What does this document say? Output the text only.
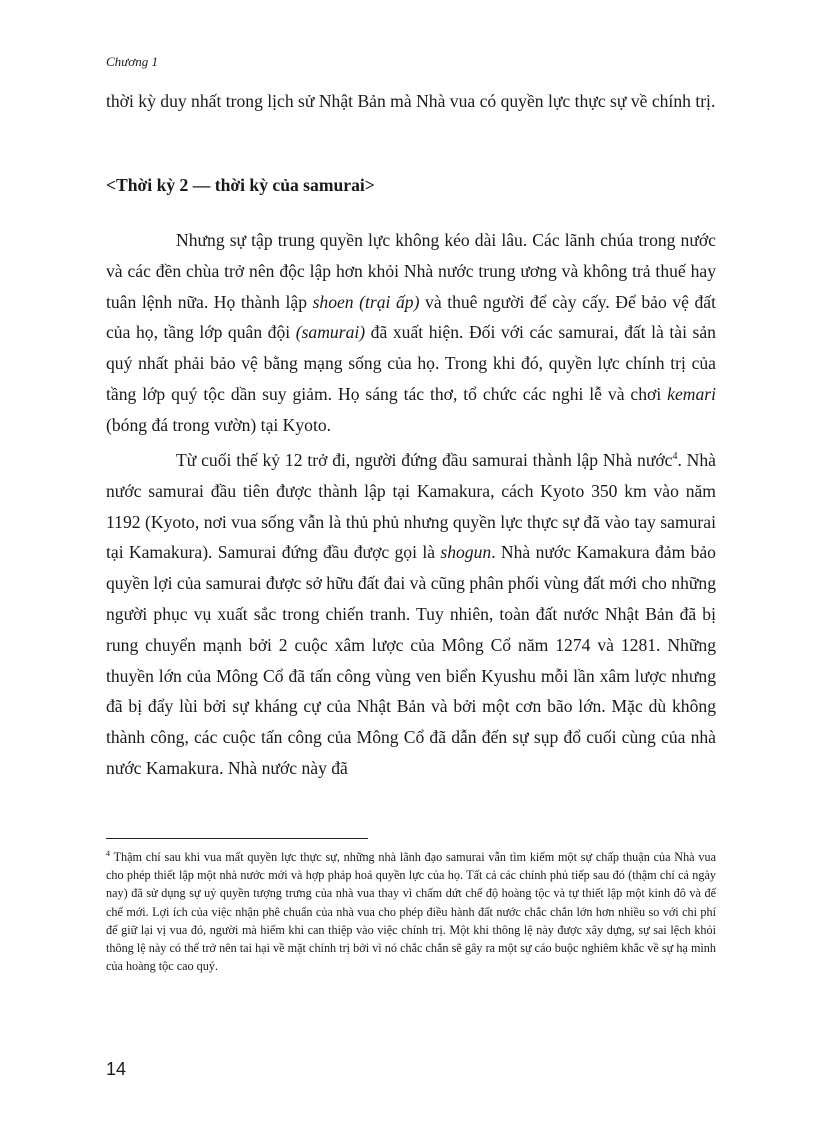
Chương 1

thời kỳ duy nhất trong lịch sử Nhật Bản mà Nhà vua có quyền lực thực sự về chính trị.

<Thời kỳ 2 — thời kỳ của samurai>

Nhưng sự tập trung quyền lực không kéo dài lâu. Các lãnh chúa trong nước và các đền chùa trở nên độc lập hơn khỏi Nhà nước trung ương và không trả thuế hay tuân lệnh nữa. Họ thành lập shoen (trại ấp) và thuê người để cày cấy. Để bảo vệ đất của họ, tầng lớp quân đội (samurai) đã xuất hiện. Đối với các samurai, đất là tài sản quý nhất phải bảo vệ bằng mạng sống của họ. Trong khi đó, quyền lực chính trị của tầng lớp quý tộc dần suy giảm. Họ sáng tác thơ, tổ chức các nghi lễ và chơi kemari (bóng đá trong vườn) tại Kyoto.

Từ cuối thế kỷ 12 trở đi, người đứng đầu samurai thành lập Nhà nước$^4$. Nhà nước samurai đầu tiên được thành lập tại Kamakura, cách Kyoto 350 km vào năm 1192 (Kyoto, nơi vua sống vẫn là thủ phủ nhưng quyền lực thực sự đã vào tay samurai tại Kamakura). Samurai đứng đầu được gọi là shogun. Nhà nước Kamakura đảm bảo quyền lợi của samurai được sở hữu đất đai và cũng phân phối vùng đất mới cho những người phục vụ xuất sắc trong chiến tranh. Tuy nhiên, toàn đất nước Nhật Bản đã bị rung chuyển mạnh bởi 2 cuộc xâm lược của Mông Cổ năm 1274 và 1281. Những thuyền lớn của Mông Cổ đã tấn công vùng ven biển Kyushu mỗi lần xâm lược nhưng đã bị đẩy lùi bởi sự kháng cự của Nhật Bản và bởi một cơn bão lớn. Mặc dù không thành công, các cuộc tấn công của Mông Cổ đã dẫn đến sự sụp đổ cuối cùng của nhà nước Kamakura. Nhà nước này đã

$^4$ Thậm chí sau khi vua mất quyền lực thực sự, những nhà lãnh đạo samurai vẫn tìm kiếm một sự chấp thuận của Nhà vua cho phép thiết lập một nhà nước mới và hợp pháp hoá quyền lực của họ. Tất cả các chính phủ tiếp sau đó (thậm chí cả ngày nay) đã sử dụng sự uỷ quyền tượng trưng của nhà vua thay vì chấm dứt chế độ hoàng tộc và tự thiết lập một kinh đô và đế chế mới. Lợi ích của việc nhận phê chuẩn của nhà vua cho phép điều hành đất nước chắc chắn lớn hơn nhiều so với chi phí để giữ lại vị vua đó, người mà hiếm khi can thiệp vào việc chính trị. Một khi thông lệ này được xây dựng, sự sai lệch khỏi thông lệ này có thể trở nên tai hại về mặt chính trị bởi vì nó chắc chắn sẽ gây ra một sự cáo buộc nghiêm khắc về sự hạ mình của hoàng tộc cao quý.
14
